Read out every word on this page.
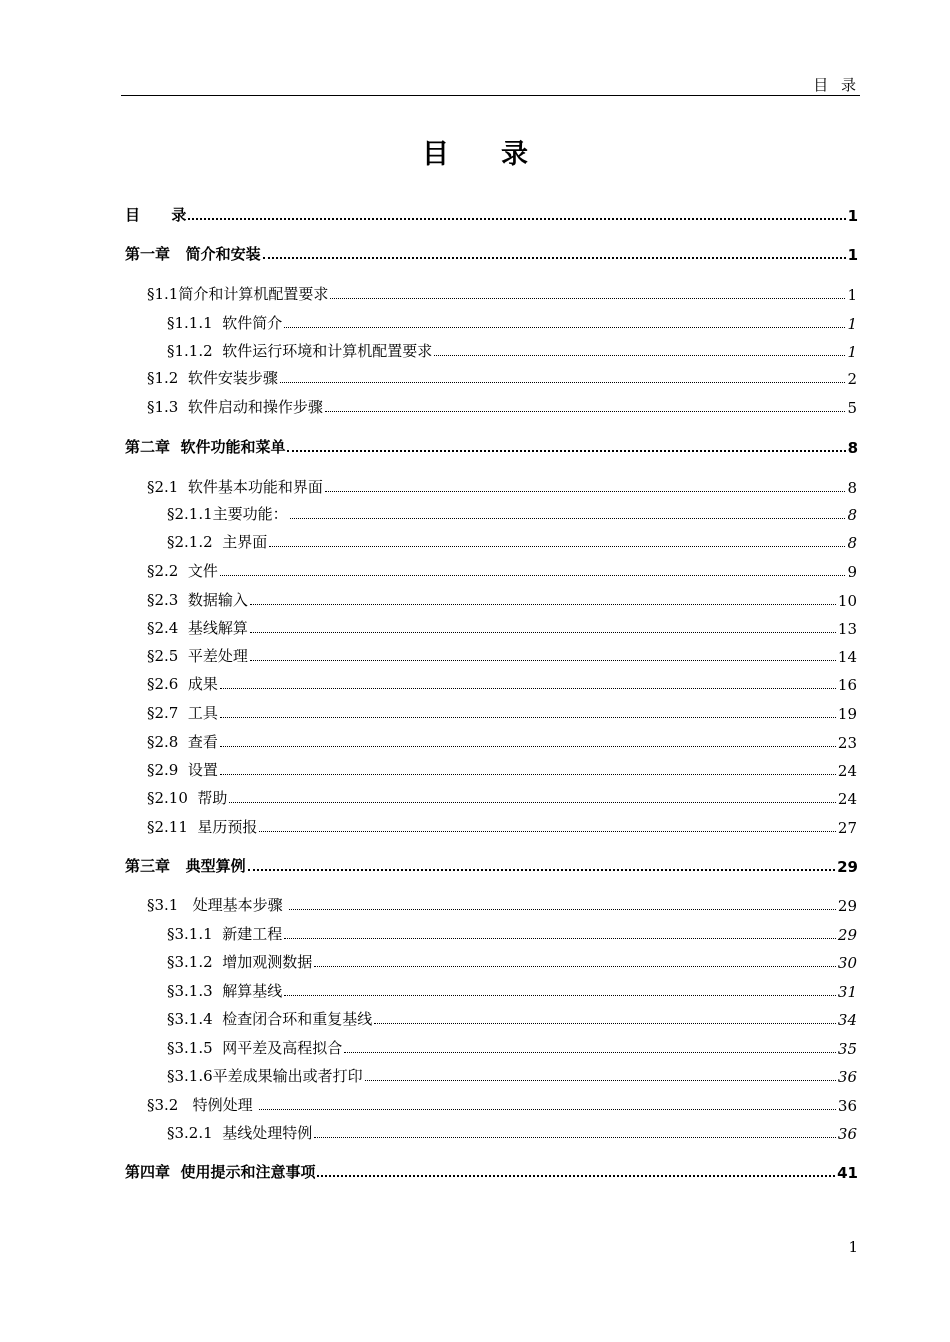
目 录
目 录
目      录	1
第一章   简介和安装	1
§1.1简介和计算机配置要求	1
§1.1.1  软件简介	1
§1.1.2  软件运行环境和计算机配置要求	1
§1.2  软件安装步骤	2
§1.3  软件启动和操作步骤	5
第二章  软件功能和菜单	8
§2.1  软件基本功能和界面	8
§2.1.1主要功能：	8
§2.1.2  主界面	8
§2.2  文件	9
§2.3  数据输入	10
§2.4  基线解算	13
§2.5  平差处理	14
§2.6  成果	16
§2.7  工具	19
§2.8  查看	23
§2.9  设置	24
§2.10  帮助	24
§2.11  星历预报	27
第三章   典型算例	29
§3.1   处理基本步骤	29
§3.1.1  新建工程	29
§3.1.2  增加观测数据	30
§3.1.3  解算基线	31
§3.1.4  检查闭合环和重复基线	34
§3.1.5  网平差及高程拟合	35
§3.1.6平差成果输出或者打印	36
§3.2   特例处理	36
§3.2.1  基线处理特例	36
第四章  使用提示和注意事项	41
1
